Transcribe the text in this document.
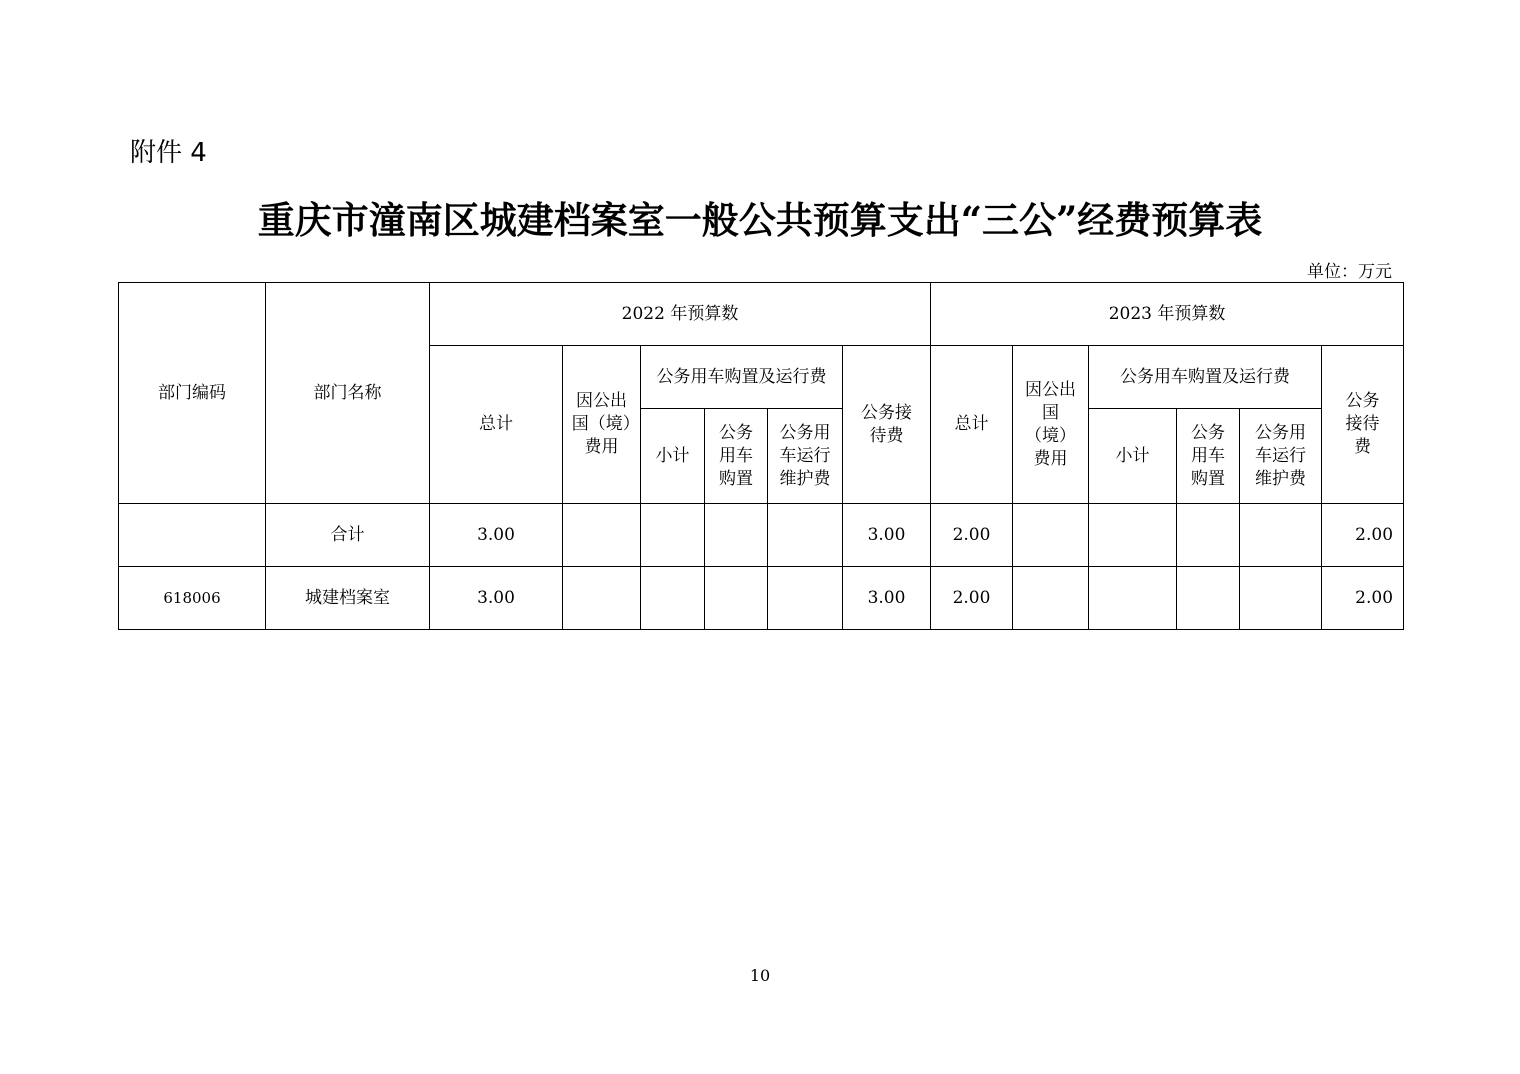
附件 4
重庆市潼南区城建档案室一般公共预算支出“三公”经费预算表
单位：万元
部门编码	部门名称	2022 年预算数						2023 年预算数					
		总计	因公出国（境）费用	公务用车购置及运行费			公务接待费	总计	因公出国（境）费用	公务用车购置及运行费			公务接待费
				小计	公务用车购置	公务用车运行维护费				小计	公务用车购置	公务用车运行维护费	
	合计	3.00					3.00	2.00					2.00
618006	城建档案室	3.00					3.00	2.00					2.00
10
